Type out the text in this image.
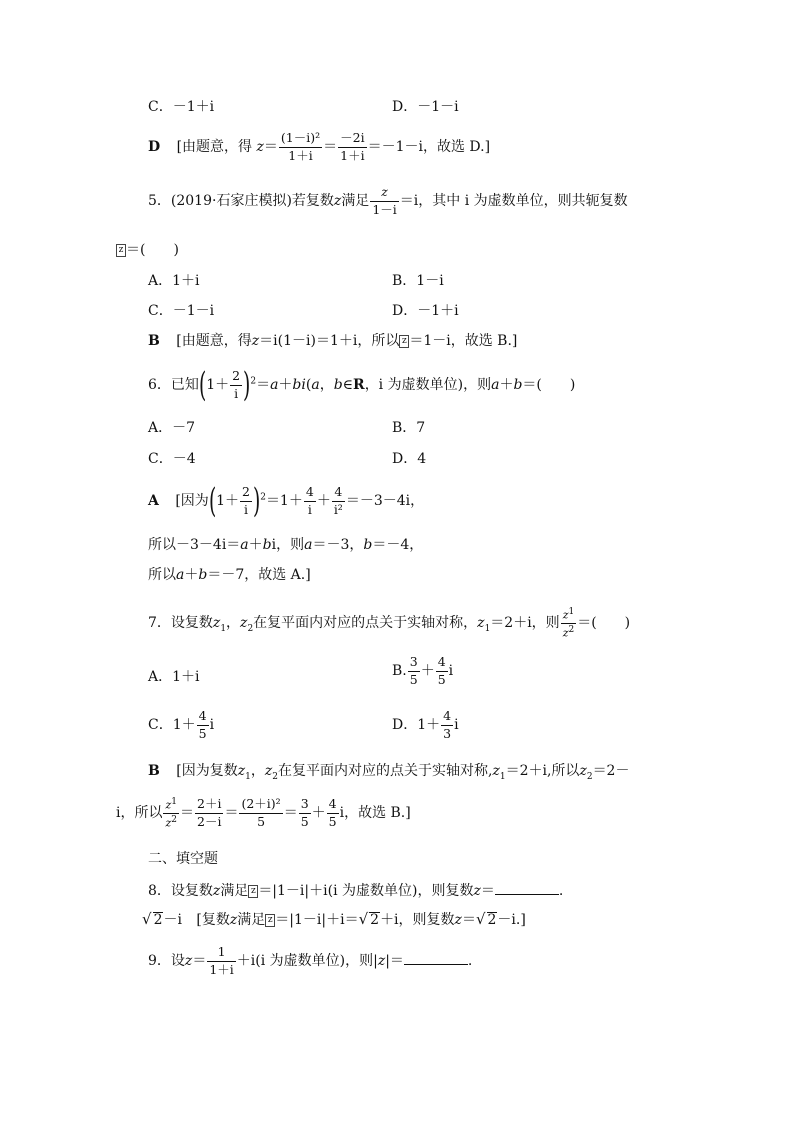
C．－1＋i	D．－1－i
D [由题意，得 $z= \frac{\text{(1－i)²}}{1+i} = \frac{-2i}{1+i} =-1-i$，故选 D.]
5．(2019·石家庄模拟)若复数z满足 $\frac{z}{1-i} =i$，其中 i 为虚数单位，则共轭复数
z ＝(　　)
A．1＋i	B．1－i
C．－1－i	D．－1＋i
B [由题意，得z＝i(1－i)＝1＋i，所以 z ＝1－i，故选 B.]
6．已知$(1+ \frac{2}{i} )^2=a+bi(a$，b∈R，i 为虚数单位)，则a＋b＝(　　)
A．－7	B．7
C．－4	D．4
A [因为$(1+ \frac{2}{i} )^2=1+ \frac{4}{i} + \frac{4}{\text{i²}} =-3-4i$，
所以－3－4i＝a＋bi，则a＝－3，b＝－4，
所以a＋b＝－7，故选 A.]
7．设复数$z_1$，$z_2$在复平面内对应的点关于实轴对称，$z_1=2+i$，则 $\frac{z^1}{z^2}$ ＝(　　)
A．1＋i	B. $\frac{3}{5} + \frac{4}{5}$ i
C．$1+ \frac{4}{5}$ i	D．$1+ \frac{4}{3}$ i
B [因为复数$z_1$，$z_2$在复平面内对应的点关于实轴对称$,z_1=2+i$,所以$z_2=2-$
i，所以 $\frac{z^1}{z^2} = \frac{2+i}{2-i} = \frac{\text{(2＋i)²}}{5} = \frac{3}{5} + \frac{4}{5}$ i，故选 B.]
二、填空题
8．设复数z满足 z ＝|1－i|＋i(i 为虚数单位)，则复数z＝	.
√ 2－i [复数z满足 z ＝|1－i|＋i＝√ 2＋i，则复数z＝√ 2－i.]
9．设$z= \frac{1}{1+i} +i(i$ 为虚数单位)，则|z|＝	.
